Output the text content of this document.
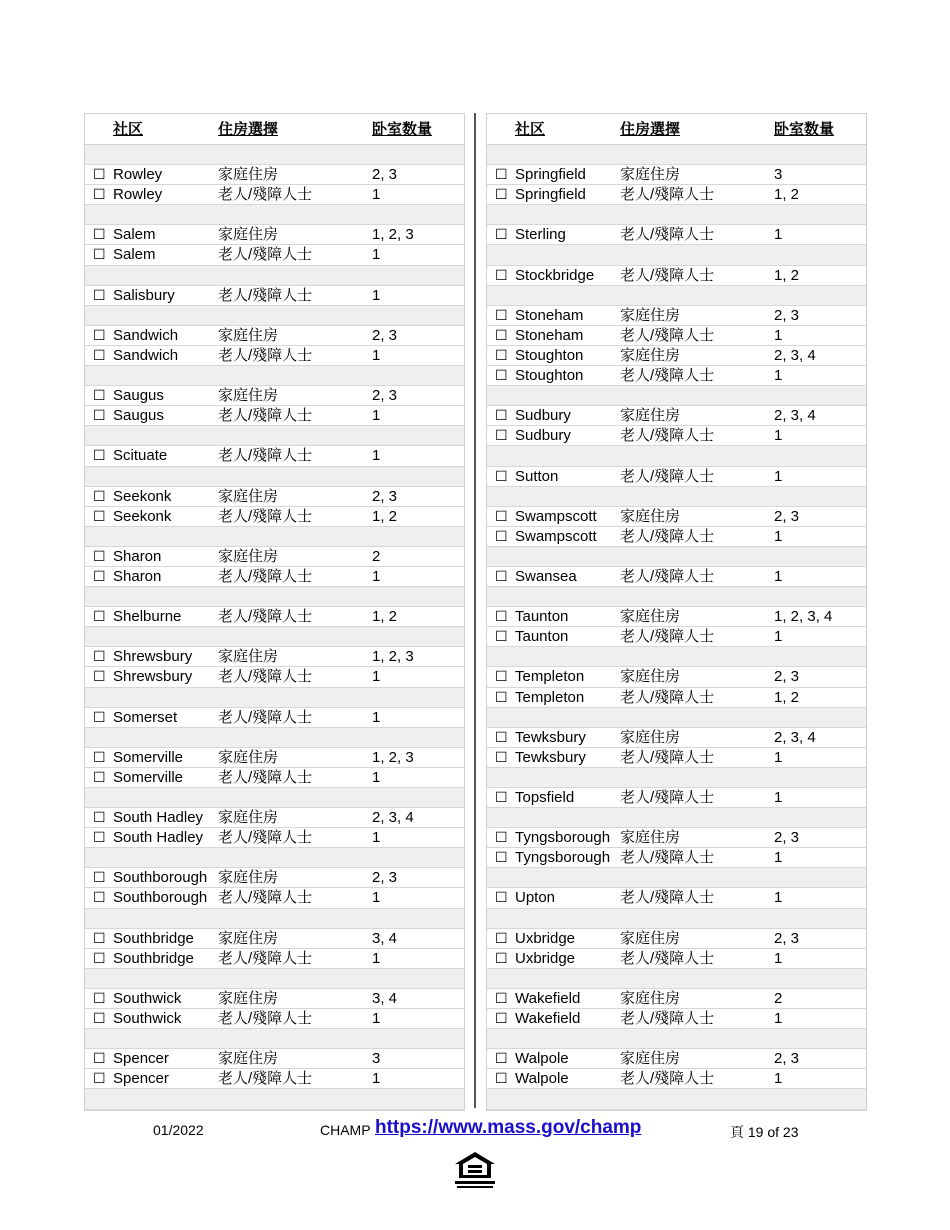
社区	住房選擇	卧室数量
☐ Rowley	家庭住房	2, 3
☐ Rowley	老人/殘障人士	1
☐ Salem	家庭住房	1, 2, 3
☐ Salem	老人/殘障人士	1
☐ Salisbury	老人/殘障人士	1
☐ Sandwich	家庭住房	2, 3
☐ Sandwich	老人/殘障人士	1
☐ Saugus	家庭住房	2, 3
☐ Saugus	老人/殘障人士	1
☐ Scituate	老人/殘障人士	1
☐ Seekonk	家庭住房	2, 3
☐ Seekonk	老人/殘障人士	1, 2
☐ Sharon	家庭住房	2
☐ Sharon	老人/殘障人士	1
☐ Shelburne 老人/殘障人士	1, 2
☐ Shrewsbury 家庭住房	1, 2, 3
☐ Shrewsbury 老人/殘障人士	1
☐ Somerset	老人/殘障人士	1
☐ Somerville 家庭住房	1, 2, 3
☐ Somerville 老人/殘障人士	1
☐ South Hadley 家庭住房	2, 3, 4
☐ South Hadley 老人/殘障人士	1
☐ Southborough 家庭住房	2, 3
☐ Southborough 老人/殘障人士	1
☐ Southbridge 家庭住房	3, 4
☐ Southbridge 老人/殘障人士	1
☐ Southwick 家庭住房	3, 4
☐ Southwick 老人/殘障人士	1
☐ Spencer	家庭住房	3
☐ Spencer	老人/殘障人士	1
社区	住房選擇	卧室数量
☐ Springfield 家庭住房	3
☐ Springfield 老人/殘障人士	1, 2
☐ Sterling	老人/殘障人士	1
☐ Stockbridge 老人/殘障人士	1, 2
☐ Stoneham 家庭住房	2, 3
☐ Stoneham 老人/殘障人士	1
☐ Stoughton 家庭住房	2, 3, 4
☐ Stoughton 老人/殘障人士	1
☐ Sudbury	家庭住房	2, 3, 4
☐ Sudbury	老人/殘障人士	1
☐ Sutton	老人/殘障人士	1
☐ Swampscott 家庭住房	2, 3
☐ Swampscott 老人/殘障人士	1
☐ Swansea	老人/殘障人士	1
☐ Taunton	家庭住房	1, 2, 3, 4
☐ Taunton	老人/殘障人士	1
☐ Templeton 家庭住房	2, 3
☐ Templeton 老人/殘障人士	1, 2
☐ Tewksbury 家庭住房	2, 3, 4
☐ Tewksbury 老人/殘障人士	1
☐ Topsfield	老人/殘障人士	1
☐ Tyngsborough 家庭住房	2, 3
☐ Tyngsborough 老人/殘障人士	1
☐ Upton	老人/殘障人士	1
☐ Uxbridge	家庭住房	2, 3
☐ Uxbridge	老人/殘障人士	1
☐ Wakefield	家庭住房	2
☐ Wakefield	老人/殘障人士	1
☐ Walpole	家庭住房	2, 3
☐ Walpole	老人/殘障人士	1
01/2022	CHAMP https://www.mass.gov/champ	頁 19 of 23
